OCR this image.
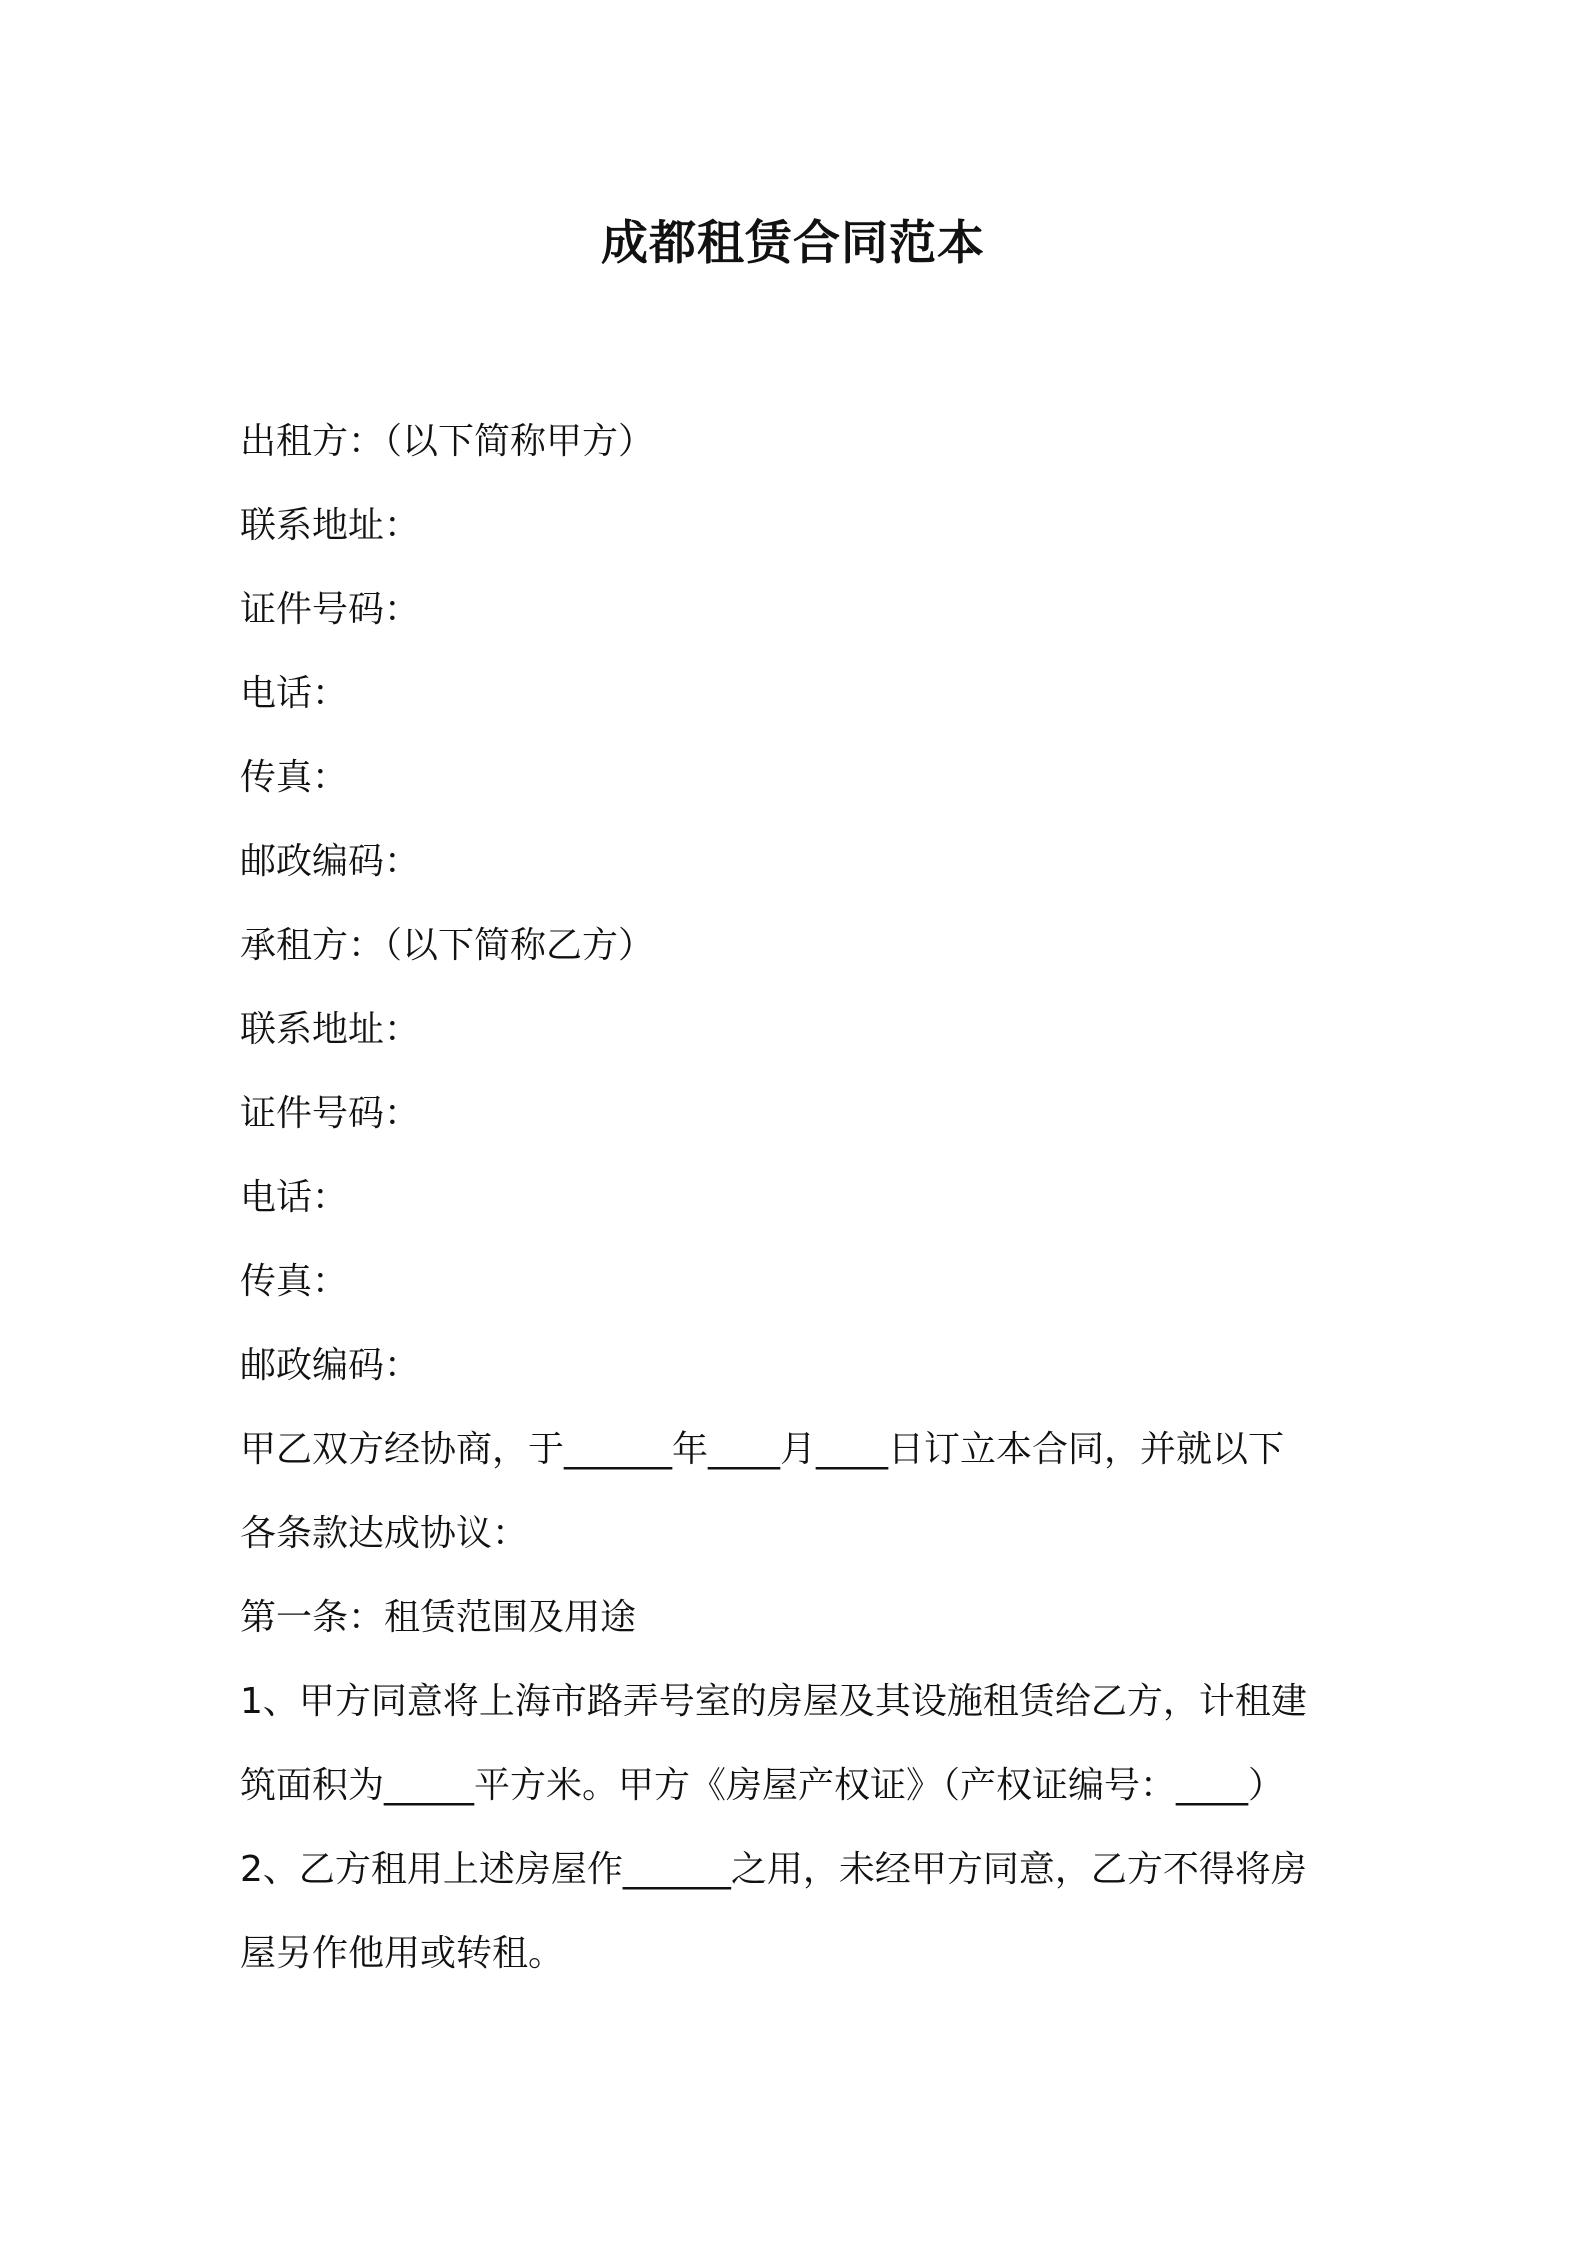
成都租赁合同范本

出租方：（以下简称甲方）

联系地址：

证件号码：

电话：

传真：

邮政编码：

承租方：（以下简称乙方）

联系地址：

证件号码：

电话：

传真：

邮政编码：

甲乙双方经协商，于______年____月____日订立本合同，并就以下

各条款达成协议：

第一条：租赁范围及用途

1、甲方同意将上海市路弄号室的房屋及其设施租赁给乙方，计租建

筑面积为_____平方米。甲方《房屋产权证》（产权证编号：____）

2、乙方租用上述房屋作______之用，未经甲方同意，乙方不得将房

屋另作他用或转租。
